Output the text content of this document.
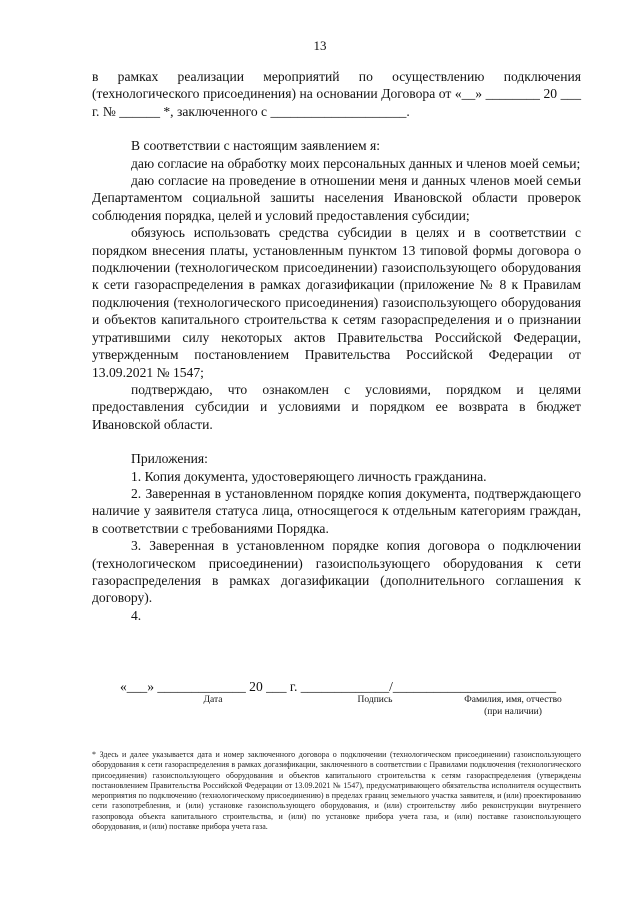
13

в рамках реализации мероприятий по осуществлению подключения (технологического присоединения) на основании Договора от «__» ________ 20 ___ г. № ______ *, заключенного с ____________________.

В соответствии с настоящим заявлением я:

даю согласие на обработку моих персональных данных и членов моей семьи;

даю согласие на проведение в отношении меня и данных членов моей семьи Департаментом социальной зашиты населения Ивановской области проверок соблюдения порядка, целей и условий предоставления субсидии;

обязуюсь использовать средства субсидии в целях и в соответствии с порядком внесения платы, установленным пунктом 13 типовой формы договора о подключении (технологическом присоединении) газоиспользующего оборудования к сети газораспределения в рамках догазификации (приложение № 8 к Правилам подключения (технологического присоединения) газоиспользующего оборудования и объектов капитального строительства к сетям газораспределения и о признании утратившими силу некоторых актов Правительства Российской Федерации, утвержденным постановлением Правительства Российской Федерации от 13.09.2021 № 1547;

подтверждаю, что ознакомлен с условиями, порядком и целями предоставления субсидии и условиями и порядком ее возврата в бюджет Ивановской области.

Приложения:

1. Копия документа, удостоверяющего личность гражданина.

2. Заверенная в установленном порядке копия документа, подтверждающего наличие у заявителя статуса лица, относящегося к отдельным категориям граждан, в соответствии с требованиями Порядка.

3. Заверенная в установленном порядке копия договора о подключении (технологическом присоединении) газоиспользующего оборудования к сети газораспределения в рамках догазификации (дополнительного соглашения к договору).

4.

«___» _____________ 20 ___ г. _____________/________________________
Дата	Подпись	Фамилия, имя, отчество
(при наличии)
* Здесь и далее указывается дата и номер заключенного договора о подключении (технологическом присоединении) газоиспользующего оборудования к сети газораспределения в рамках догазификации, заключенного в соответствии с Правилами подключения (технологического присоединения) газоиспользующего оборудования и объектов капитального строительства к сетям газораспределения (утверждены постановлением Правительства Российской Федерации от 13.09.2021 № 1547), предусматривающего обязательства исполнителя осуществить мероприятия по подключению (технологическому присоединению) в пределах границ земельного участка заявителя, и (или) проектированию сети газопотребления, и (или) установке газоиспользующего оборудования, и (или) строительству либо реконструкции внутреннего газопровода объекта капитального строительства, и (или) по установке прибора учета газа, и (или) поставке газоиспользующего оборудования, и (или) поставке прибора учета газа.
